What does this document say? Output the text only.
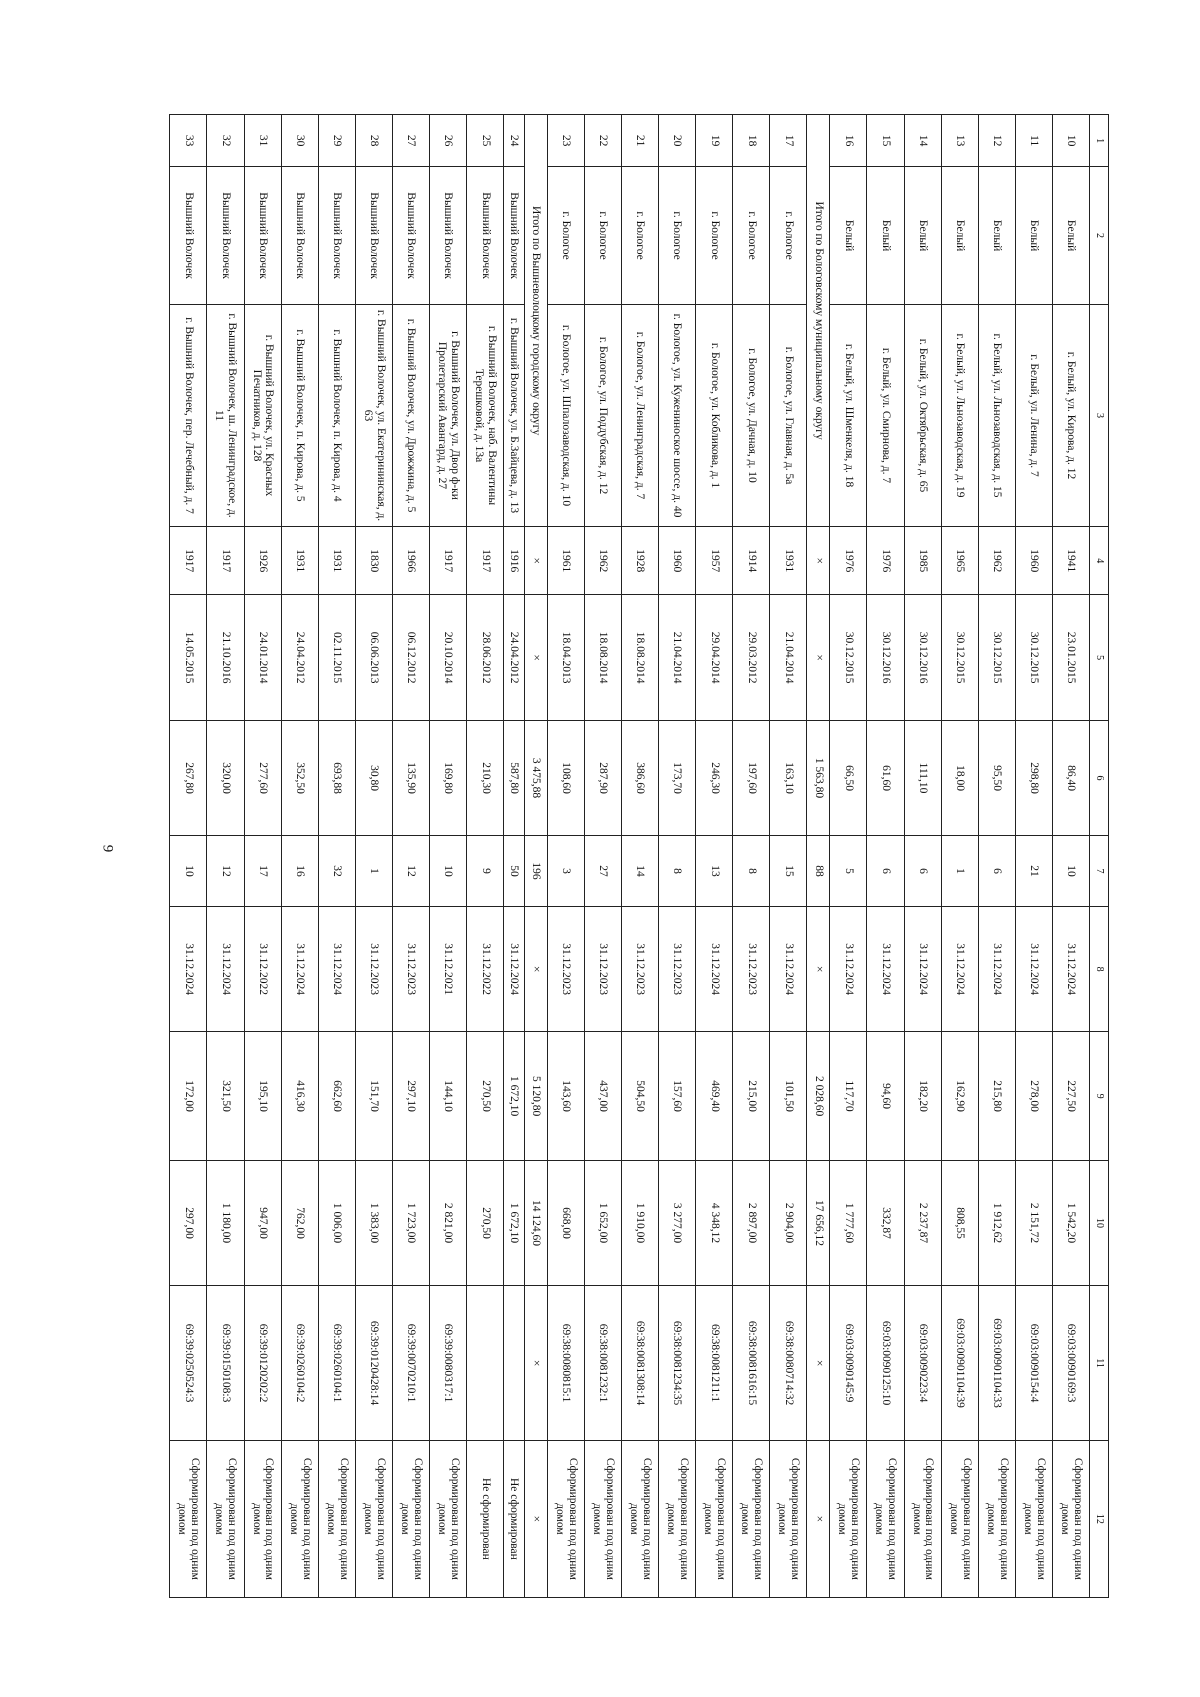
9
1	2	3	4	5	6	7	8	9	10	11	12
10	Белый	г. Белый, ул. Кирова, д. 12	1941	23.01.2015	86,40	10	31.12.2024	227,50	1 542,20	69:03:0090169:3	Сформирован под одним домом
11	Белый	г. Белый, ул. Ленина, д. 7	1960	30.12.2015	298,80	21	31.12.2024	278,00	2 151,72	69:03:0090154:4	Сформирован под одним домом
12	Белый	г. Белый, ул. Льнозаводская, д. 15	1962	30.12.2015	95,50	6	31.12.2024	215,80	1 912,62	69:03:00901104:33	Сформирован под одним домом
13	Белый	г. Белый, ул. Льнозаводская, д. 19	1965	30.12.2015	18,00	1	31.12.2024	162,90	808,55	69:03:00901104:39	Сформирован под одним домом
14	Белый	г. Белый, ул. Октябрьская, д. 65	1985	30.12.2016	111,10	6	31.12.2024	182,20	2 237,87	69:03:0090223:4	Сформирован под одним домом
15	Белый	г. Белый, ул. Смирнова, д. 7	1976	30.12.2016	61,60	6	31.12.2024	94,60	332,87	69:03:0090125:10	Сформирован под одним домом
16	Белый	г. Белый, ул. Шменкеля, д. 18	1976	30.12.2015	66,50	5	31.12.2024	117,70	1 777,60	69:03:0090145:9	Сформирован под одним домом
Итого по Бологовскому муниципальному округу			×	×	1 563,80	88	×	2 028,60	17 656,12	×	×
17	г. Бологое	г. Бологое, ул. Главная, д. 5а	1931	21.04.2014	163,10	15	31.12.2024	101,50	2 904,00	69:38:0080714:32	Сформирован под одним домом
18	г. Бологое	г. Бологое, ул. Дачная, д. 10	1914	29.03.2012	197,60	8	31.12.2023	215,00	2 897,00	69:38:0081616:15	Сформирован под одним домом
19	г. Бологое	г. Бологое, ул. Кобликова, д. 1	1957	29.04.2014	246,30	13	31.12.2024	469,40	4 348,12	69:38:0081211:1	Сформирован под одним домом
20	г. Бологое	г. Бологое, ул. Кужениноское шоссе, д. 40	1960	21.04.2014	173,70	8	31.12.2023	157,60	3 277,00	69:38:0081234:35	Сформирован под одним домом
21	г. Бологое	г. Бологое, ул. Ленинградская, д. 7	1928	18.08.2014	386,60	14	31.12.2023	504,50	1 910,00	69:38:0081308:14	Сформирован под одним домом
22	г. Бологое	г. Бологое, ул. Поддубская, д. 12	1962	18.08.2014	287,90	27	31.12.2023	437,00	1 652,00	69:38:0081232:1	Сформирован под одним домом
23	г. Бологое	г. Бологое, ул. Шпалозаводская, д. 10	1961	18.04.2013	108,60	3	31.12.2023	143,60	668,00	69:38:0080815:1	Сформирован под одним домом
Итого по Вышневолоцкому городскому округу			×	×	3 475,88	196	×	5 120,80	14 124,60	×	×
24	Вышний Волочек	г. Вышний Волочек, ул. Б.Зайцева, д. 13	1916	24.04.2012	587,80	50	31.12.2024	1 672,10	1 672,10		Не сформирован
25	Вышний Волочек	г. Вышний Волочек, наб. Валентины Терешковой, д. 13а	1917	28.06.2012	210,30	9	31.12.2022	270,50	270,50		Не сформирован
26	Вышний Волочек	г. Вышний Волочек, ул. Двор ф-ки Пролетарский Авангард, д. 27	1917	20.10.2014	169,80	10	31.12.2021	144,10	2 821,00	69:39:0080317:1	Сформирован под одним домом
27	Вышний Волочек	г. Вышний Волочек, ул. Дрожжина, д. 5	1966	06.12.2012	135,90	12	31.12.2023	297,10	1 723,00	69:39:0070210:1	Сформирован под одним домом
28	Вышний Волочек	г. Вышний Волочек, ул. Екатерининская, д. 63	1830	06.06.2013	30,80	1	31.12.2023	151,70	1 383,00	69:39:0120428:14	Сформирован под одним домом
29	Вышний Волочек	г. Вышний Волочек, п. Кирова, д. 4	1931	02.11.2015	693,88	32	31.12.2024	662,60	1 006,00	69:39:0260104:1	Сформирован под одним домом
30	Вышний Волочек	г. Вышний Волочек, п. Кирова, д. 5	1931	24.04.2012	352,50	16	31.12.2024	416,30	762,00	69:39:0260104:2	Сформирован под одним домом
31	Вышний Волочек	г. Вышний Волочек, ул. Красных Печатников, д. 128	1926	24.01.2014	277,60	17	31.12.2022	195,10	947,00	69:39:0120202:2	Сформирован под одним домом
32	Вышний Волочек	г. Вышний Волочек, ш. Ленинградское, д. 11	1917	21.10.2016	320,00	12	31.12.2024	321,50	1 180,00	69:39:0150108:3	Сформирован под одним домом
33	Вышний Волочек	г. Вышний Волочек, пер. Лечебный, д. 7	1917	14.05.2015	267,80	10	31.12.2024	172,00	297,00	69:39:0250524:3	Сформирован под одним домом
